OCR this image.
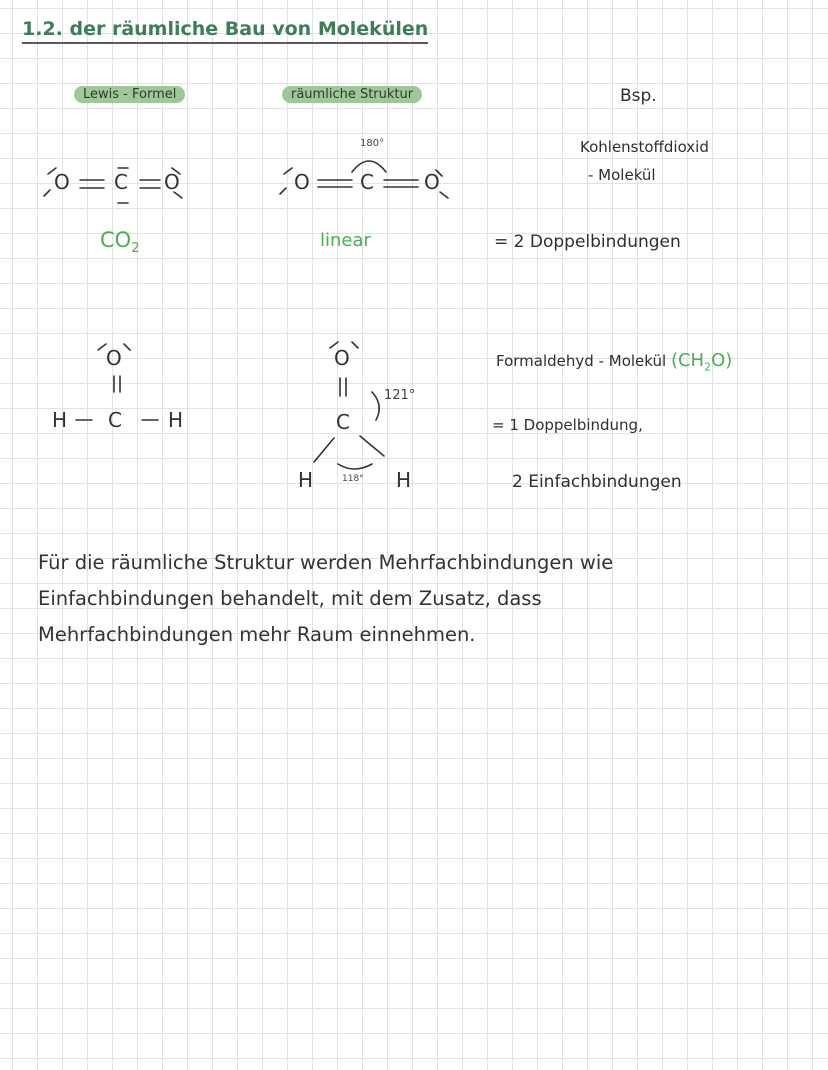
1.2. der räumliche Bau von Molekülen
Lewis - Formel	räumliche Struktur	Bsp.
O C O
$CO_2$
O C O
180°
linear
Kohlenstoffdioxid
- Molekül
= 2 Doppelbindungen
O
H C H
O
C
H	H
121°
118°
Formaldehyd - Molekül $(CH_2O)$
= 1 Doppelbindung,
2 Einfachbindungen
Für die räumliche Struktur werden Mehrfachbindungen wie
Einfachbindungen behandelt, mit dem Zusatz, dass
Mehrfachbindungen mehr Raum einnehmen.
